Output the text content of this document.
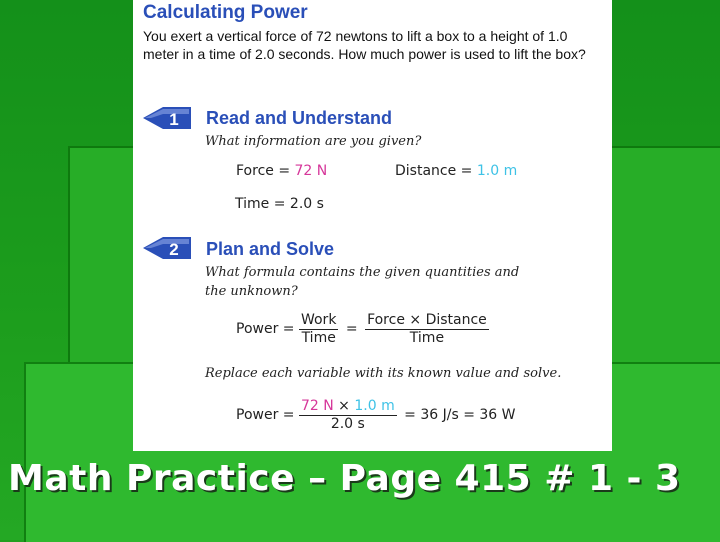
Calculating Power
You exert a vertical force of 72 newtons to lift a box to a height of 1.0 meter in a time of 2.0 seconds. How much power is used to lift the box?
1 Read and Understand
What information are you given?
Force = 72 N	Distance = 1.0 m
Time = 2.0 s
2 Plan and Solve
What formula contains the given quantities and
the unknown?
Power = $\frac{\text{Work}}{\text{Time}} = \frac{\text{Force × Distance}}{\text{Time}}$
Replace each variable with its known value and solve.
Power = $\frac{72 N \times 1.0 m}{2.0 s} = 36$ J/s = 36 W
Math Practice – Page 415 # 1 - 3
